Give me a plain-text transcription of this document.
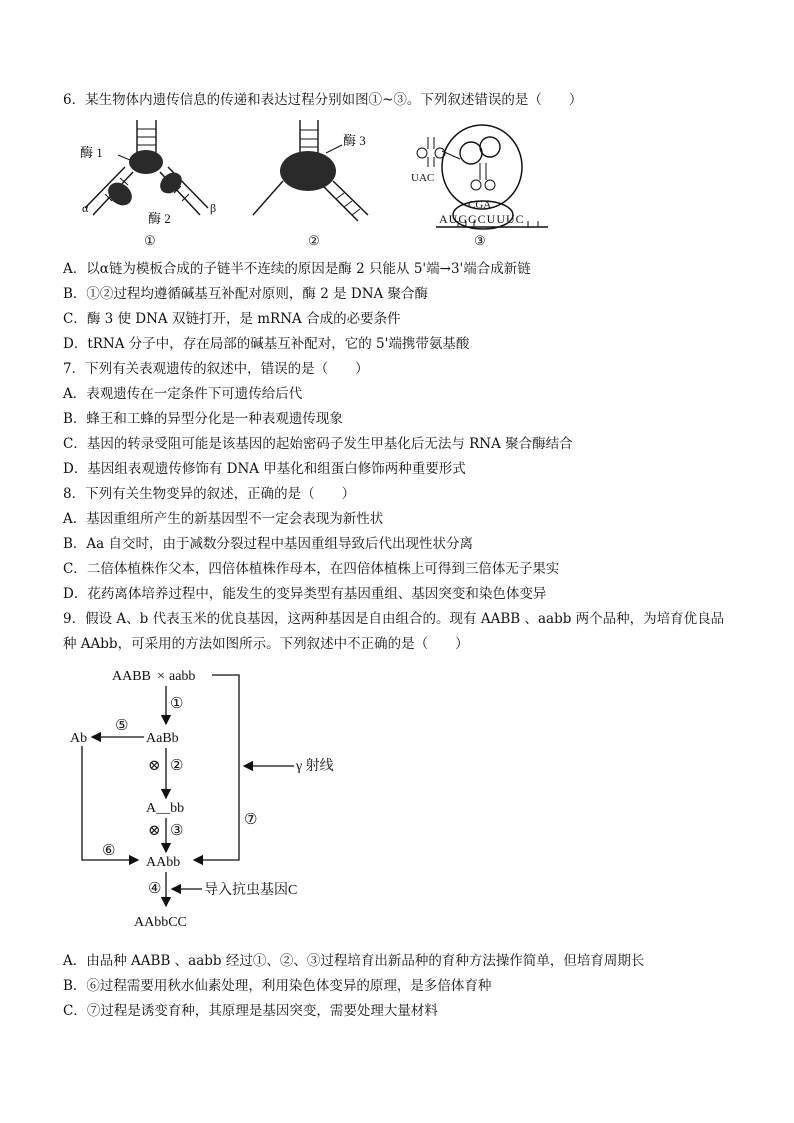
6．某生物体内遗传信息的传递和表达过程分别如图①~③。下列叙述错误的是（　　）
酶 1
α	β
酶 2
①
酶 3
②
UAC
CGA
AUGGCUUUC
③
A．以α链为模板合成的子链半不连续的原因是酶 2 只能从 5'端→3'端合成新链
B．①②过程均遵循碱基互补配对原则，酶 2 是 DNA 聚合酶
C．酶 3 使 DNA 双链打开，是 mRNA 合成的必要条件
D．tRNA 分子中，存在局部的碱基互补配对，它的 5'端携带氨基酸
7．下列有关表观遗传的叙述中，错误的是（　　）
A．表观遗传在一定条件下可遗传给后代
B．蜂王和工蜂的异型分化是一种表观遗传现象
C．基因的转录受阻可能是该基因的起始密码子发生甲基化后无法与 RNA 聚合酶结合
D．基因组表观遗传修饰有 DNA 甲基化和组蛋白修饰两种重要形式
8．下列有关生物变异的叙述，正确的是（　　）
A．基因重组所产生的新基因型不一定会表现为新性状
B．Aa 自交时，由于减数分裂过程中基因重组导致后代出现性状分离
C．二倍体植株作父本，四倍体植株作母本，在四倍体植株上可得到三倍体无子果实
D．花药离体培养过程中，能发生的变异类型有基因重组、基因突变和染色体变异
9．假设 A、b 代表玉米的优良基因，这两种基因是自由组合的。现有 AABB 、aabb 两个品种，为培育优良品
种 AAbb，可采用的方法如图所示。下列叙述中不正确的是（　　）
AABB × aabb
①
AaBb
⑤
Ab
⊗ ②
A__bb
⊗ ③
AAbb
⑥
⑦
γ 射线
④	导入抗虫基因C
AAbbCC
A．由品种 AABB 、aabb 经过①、②、③过程培育出新品种的育种方法操作简单，但培育周期长
B．⑥过程需要用秋水仙素处理，利用染色体变异的原理，是多倍体育种
C．⑦过程是诱变育种，其原理是基因突变，需要处理大量材料
